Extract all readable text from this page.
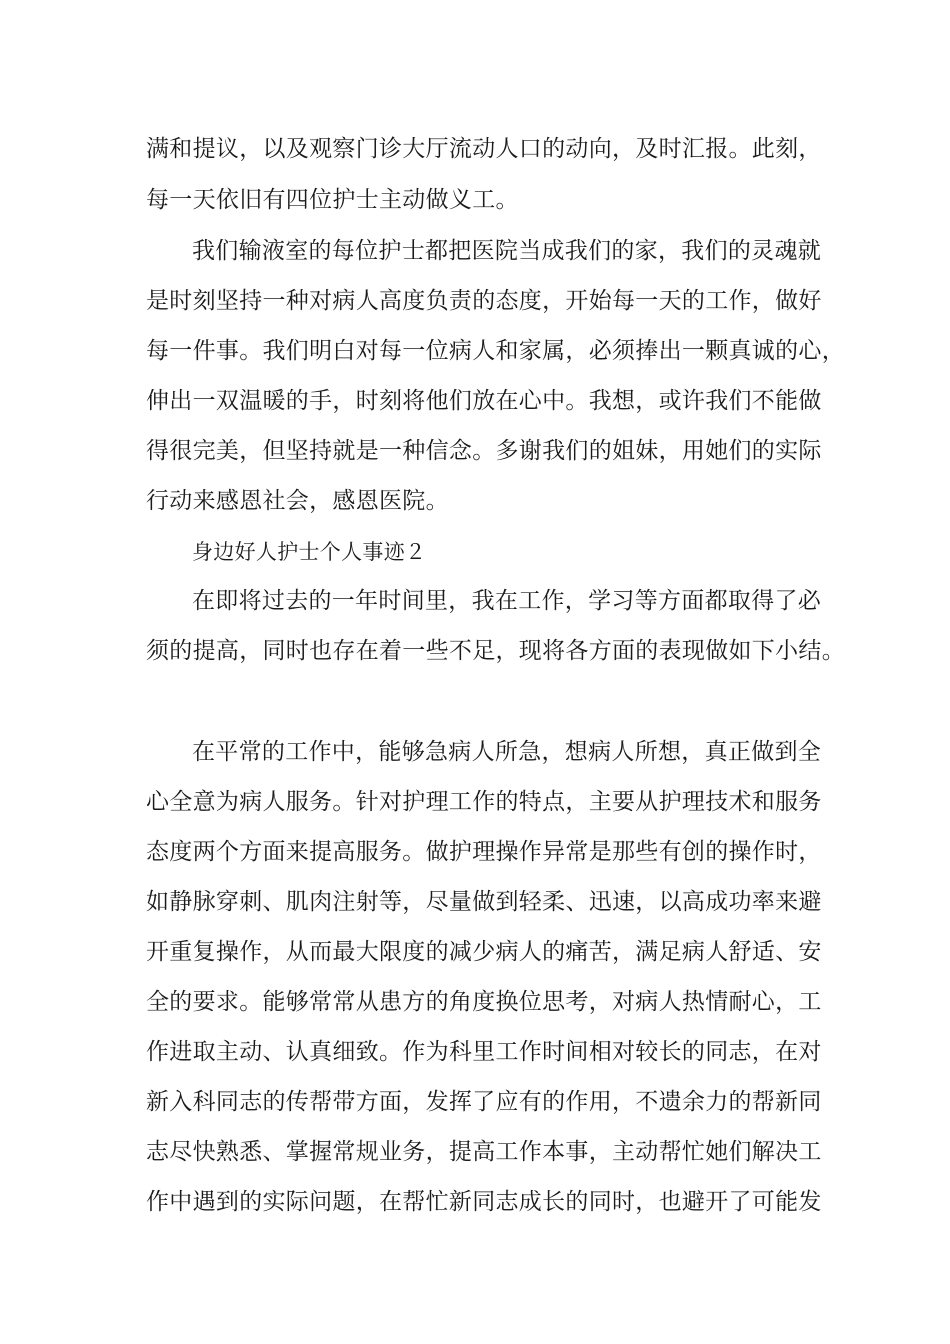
满和提议，以及观察门诊大厅流动人口的动向，及时汇报。此刻，
每一天依旧有四位护士主动做义工。
我们输液室的每位护士都把医院当成我们的家，我们的灵魂就
是时刻坚持一种对病人高度负责的态度，开始每一天的工作，做好
每一件事。我们明白对每一位病人和家属，必须捧出一颗真诚的心，
伸出一双温暖的手，时刻将他们放在心中。我想，或许我们不能做
得很完美，但坚持就是一种信念。多谢我们的姐妹，用她们的实际
行动来感恩社会，感恩医院。
身边好人护士个人事迹２
在即将过去的一年时间里，我在工作，学习等方面都取得了必
须的提高，同时也存在着一些不足，现将各方面的表现做如下小结。
在平常的工作中，能够急病人所急，想病人所想，真正做到全
心全意为病人服务。针对护理工作的特点，主要从护理技术和服务
态度两个方面来提高服务。做护理操作异常是那些有创的操作时，
如静脉穿刺、肌肉注射等，尽量做到轻柔、迅速，以高成功率来避
开重复操作，从而最大限度的减少病人的痛苦，满足病人舒适、安
全的要求。能够常常从患方的角度换位思考，对病人热情耐心，工
作进取主动、认真细致。作为科里工作时间相对较长的同志，在对
新入科同志的传帮带方面，发挥了应有的作用，不遗余力的帮新同
志尽快熟悉、掌握常规业务，提高工作本事，主动帮忙她们解决工
作中遇到的实际问题，在帮忙新同志成长的同时，也避开了可能发
